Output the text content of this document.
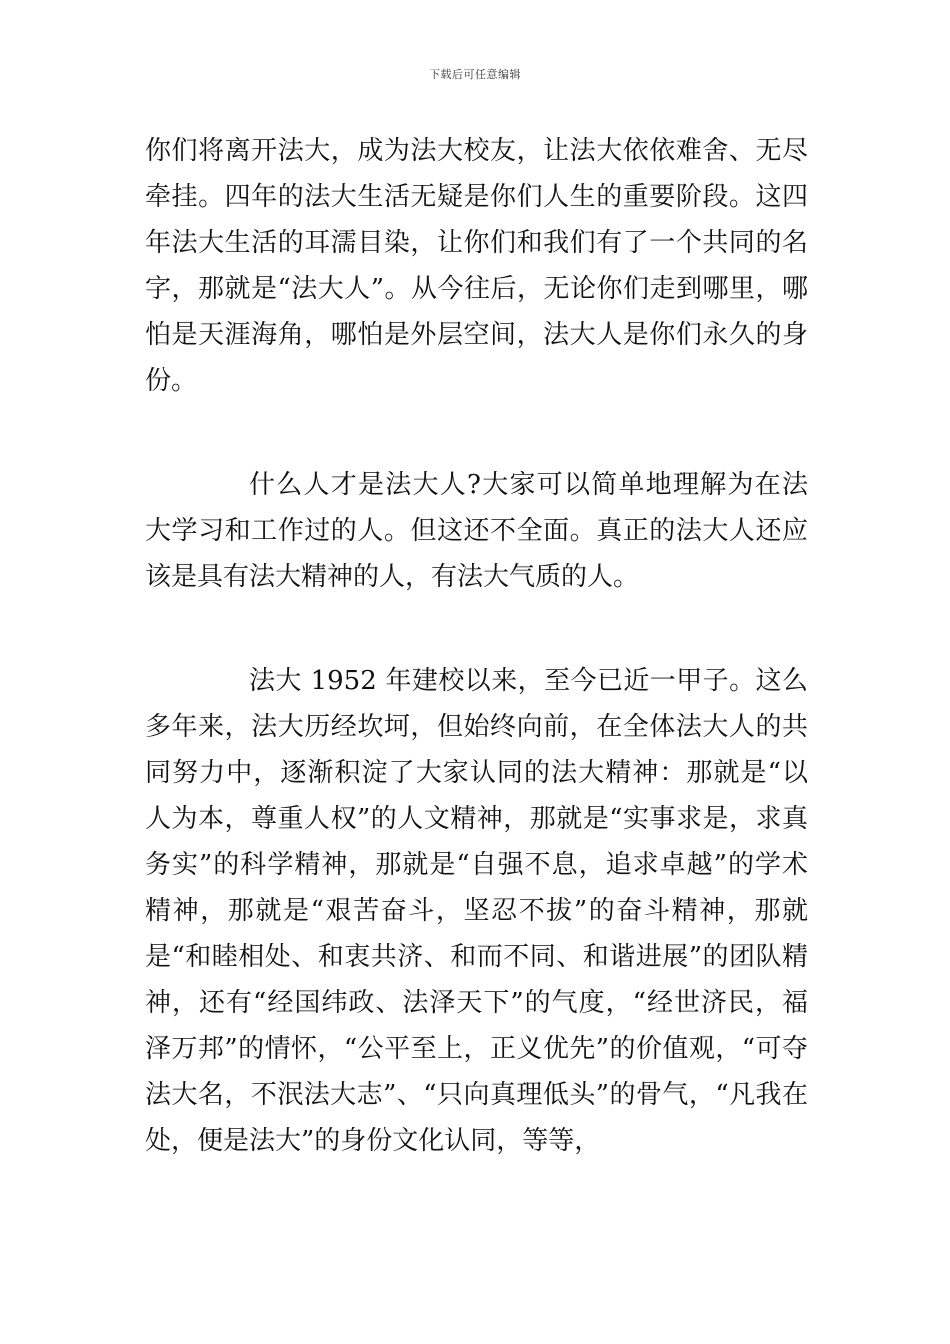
下载后可任意编辑

你们将离开法大，成为法大校友，让法大依依难舍、无尽牵挂。四年的法大生活无疑是你们人生的重要阶段。这四年法大生活的耳濡目染，让你们和我们有了一个共同的名字，那就是“法大人”。从今往后，无论你们走到哪里，哪怕是天涯海角，哪怕是外层空间，法大人是你们永久的身份。

什么人才是法大人?大家可以简单地理解为在法大学习和工作过的人。但这还不全面。真正的法大人还应该是具有法大精神的人，有法大气质的人。

法大 1952 年建校以来，至今已近一甲子。这么多年来，法大历经坎坷，但始终向前，在全体法大人的共同努力中，逐渐积淀了大家认同的法大精神：那就是“以人为本，尊重人权”的人文精神，那就是“实事求是，求真务实”的科学精神，那就是“自强不息，追求卓越”的学术精神，那就是“艰苦奋斗，坚忍不拔”的奋斗精神，那就是“和睦相处、和衷共济、和而不同、和谐进展”的团队精神，还有“经国纬政、法泽天下”的气度，“经世济民，福泽万邦”的情怀，“公平至上，正义优先”的价值观，“可夺法大名，不泯法大志”、“只向真理低头”的骨气，“凡我在处，便是法大”的身份文化认同，等等，
